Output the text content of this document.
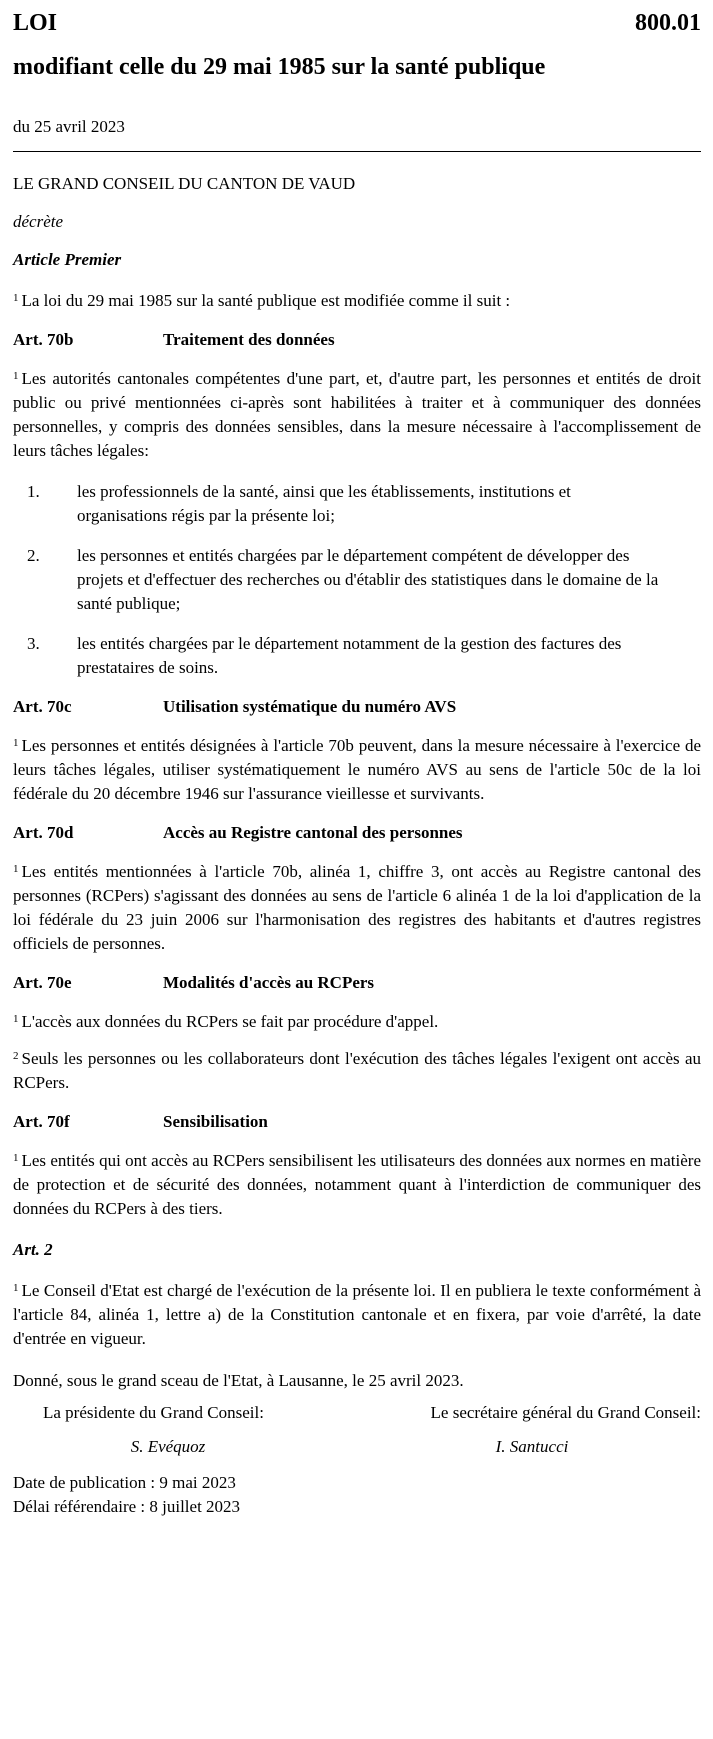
LOI	800.01
modifiant celle du 29 mai 1985 sur la santé publique
du 25 avril 2023

LE GRAND CONSEIL DU CANTON DE VAUD

décrète

Article Premier

$^1$ La loi du 29 mai 1985 sur la santé publique est modifiée comme il suit :

Art. 70b	Traitement des données

$^1$ Les autorités cantonales compétentes d'une part, et, d'autre part, les personnes et entités de droit public ou privé mentionnées ci-après sont habilitées à traiter et à communiquer des données personnelles, y compris des données sensibles, dans la mesure nécessaire à l'accomplissement de leurs tâches légales:

1.	les professionnels de la santé, ainsi que les établissements, institutions et organisations régis par la présente loi;
2.	les personnes et entités chargées par le département compétent de développer des projets et d'effectuer des recherches ou d'établir des statistiques dans le domaine de la santé publique;
3.	les entités chargées par le département notamment de la gestion des factures des prestataires de soins.
Art. 70c	Utilisation systématique du numéro AVS

$^1$ Les personnes et entités désignées à l'article 70b peuvent, dans la mesure nécessaire à l'exercice de leurs tâches légales, utiliser systématiquement le numéro AVS au sens de l'article 50c de la loi fédérale du 20 décembre 1946 sur l'assurance vieillesse et survivants.

Art. 70d	Accès au Registre cantonal des personnes

$^1$ Les entités mentionnées à l'article 70b, alinéa 1, chiffre 3, ont accès au Registre cantonal des personnes (RCPers) s'agissant des données au sens de l'article 6 alinéa 1 de la loi d'application de la loi fédérale du 23 juin 2006 sur l'harmonisation des registres des habitants et d'autres registres officiels de personnes.

Art. 70e	Modalités d'accès au RCPers

$^1$ L'accès aux données du RCPers se fait par procédure d'appel.

$^2$ Seuls les personnes ou les collaborateurs dont l'exécution des tâches légales l'exigent ont accès au RCPers.

Art. 70f	Sensibilisation

$^1$ Les entités qui ont accès au RCPers sensibilisent les utilisateurs des données aux normes en matière de protection et de sécurité des données, notamment quant à l'interdiction de communiquer des données du RCPers à des tiers.

Art. 2

$^1$ Le Conseil d'Etat est chargé de l'exécution de la présente loi. Il en publiera le texte conformément à l'article 84, alinéa 1, lettre a) de la Constitution cantonale et en fixera, par voie d'arrêté, la date d'entrée en vigueur.

Donné, sous le grand sceau de l'Etat, à Lausanne, le 25 avril 2023.

La présidente du Grand Conseil:	Le secrétaire général du Grand Conseil:
S. Evéquoz	I. Santucci

Date de publication : 9 mai 2023

Délai référendaire : 8 juillet 2023
